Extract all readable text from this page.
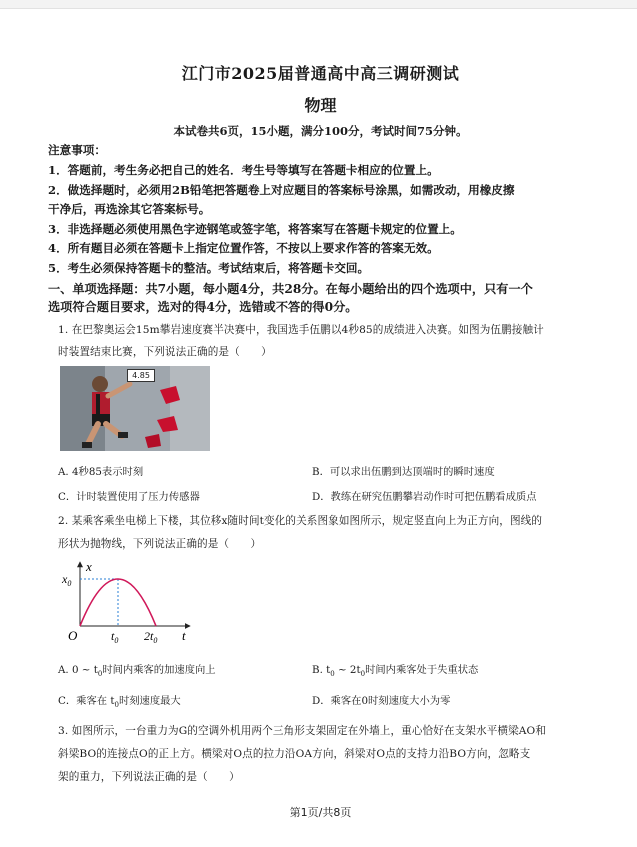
江门市2025届普通高中高三调研测试
物理
本试卷共6页，15小题，满分100分，考试时间75分钟。
注意事项：
1．答题前，考生务必把自己的姓名．考生号等填写在答题卡相应的位置上。
2．做选择题时，必须用2B铅笔把答题卷上对应题目的答案标号涂黑，如需改动，用橡皮擦
干净后，再选涂其它答案标号。
3．非选择题必须使用黑色字迹钢笔或签字笔，将答案写在答题卡规定的位置上。
4．所有题目必须在答题卡上指定位置作答，不按以上要求作答的答案无效。
5．考生必须保持答题卡的整洁。考试结束后，将答题卡交回。
一、单项选择题：共7小题，每小题4分，共28分。在每小题给出的四个选项中，只有一个
选项符合题目要求，选对的得4分，选错或不答的得0分。
1. 在巴黎奥运会15m攀岩速度赛半决赛中，我国选手伍鹏以4秒85的成绩进入决赛。如图为伍鹏接触计
时装置结束比赛，下列说法正确的是（　　）
4.85
A. 4秒85表示时刻	B．可以求出伍鹏到达顶端时的瞬时速度
C．计时装置使用了压力传感器	D．教练在研究伍鹏攀岩动作时可把伍鹏看成质点
2. 某乘客乘坐电梯上下楼，其位移x随时间t变化的关系图象如图所示，规定竖直向上为正方向，图线的
形状为抛物线，下列说法正确的是（　　）
x
$x_0$
O	$t_0$ $2t_0$ t
A. 0 ~ $t_0$时间内乘客的加速度向上	B. $t_0$ ~ $2t_0$时间内乘客处于失重状态
C．乘客在 $t_0$时刻速度最大	D．乘客在0时刻速度大小为零
3. 如图所示，一台重力为G的空调外机用两个三角形支架固定在外墙上，重心恰好在支架水平横梁AO和
斜梁BO的连接点O的正上方。横梁对O点的拉力沿OA方向，斜梁对O点的支持力沿BO方向，忽略支
架的重力，下列说法正确的是（　　）
第1页/共8页
